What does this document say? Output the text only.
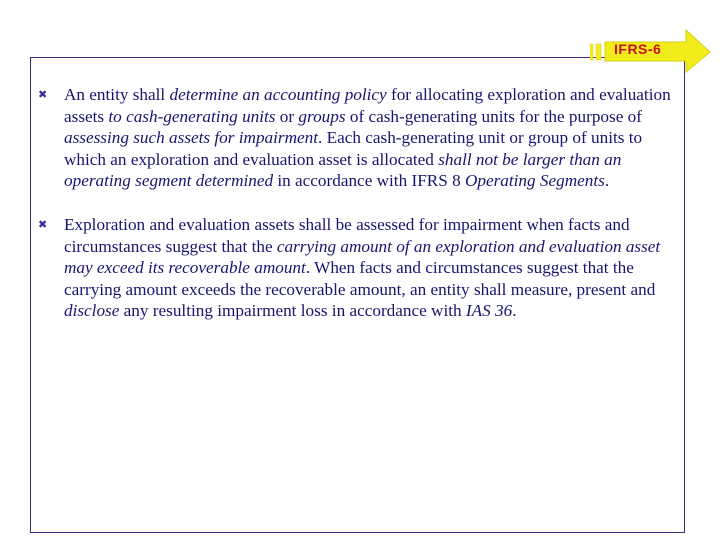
IFRS-6
✖ An entity shall determine an accounting policy for allocating exploration and evaluation assets to cash-generating units or groups of cash-generating units for the purpose of assessing such assets for impairment. Each cash-generating unit or group of units to which an exploration and evaluation asset is allocated shall not be larger than an operating segment determined in accordance with IFRS 8 Operating Segments.
✖ Exploration and evaluation assets shall be assessed for impairment when facts and circumstances suggest that the carrying amount of an exploration and evaluation asset may exceed its recoverable amount. When facts and circumstances suggest that the carrying amount exceeds the recoverable amount, an entity shall measure, present and disclose any resulting impairment loss in accordance with IAS 36.
